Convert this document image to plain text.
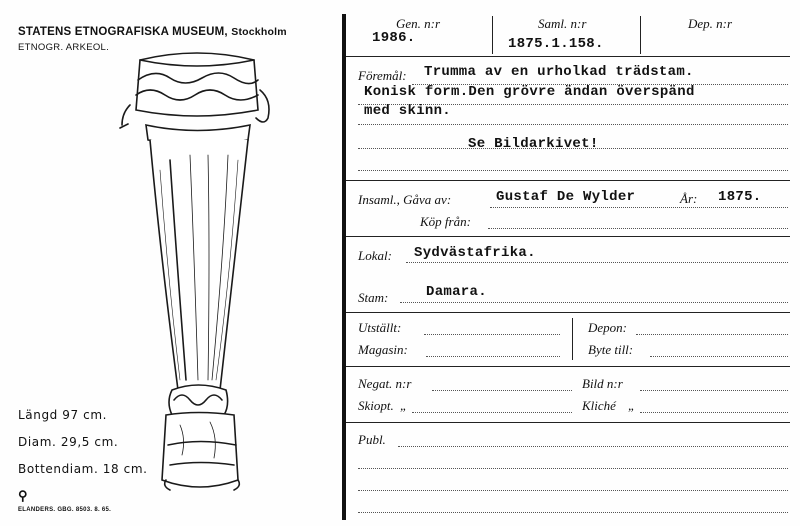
STATENS ETNOGRAFISKA MUSEUM, Stockholm
ETNOGR. ARKEOL.
Längd 97 cm.
Diam. 29,5 cm.
Bottendiam. 18 cm.
⚲
ELANDERS. GBG. 8503. 8. 65.
Gen. n:r
1986.
Saml. n:r
1875.1.158.
Dep. n:r
Föremål: Trumma av en urholkad trädstam.
Konisk form.Den grövre ändan överspänd
med skinn.
Se Bildarkivet!
Insaml., Gåva av:	Gustaf De Wylder	År: 1875.
Köp från:
Lokal: Sydvästafrika.
Stam:	Damara.
Utställt:	Depon:
Magasin:	Byte till:
Negat. n:r	Bild n:r
Skiopt. „	Kliché „
Publ.
